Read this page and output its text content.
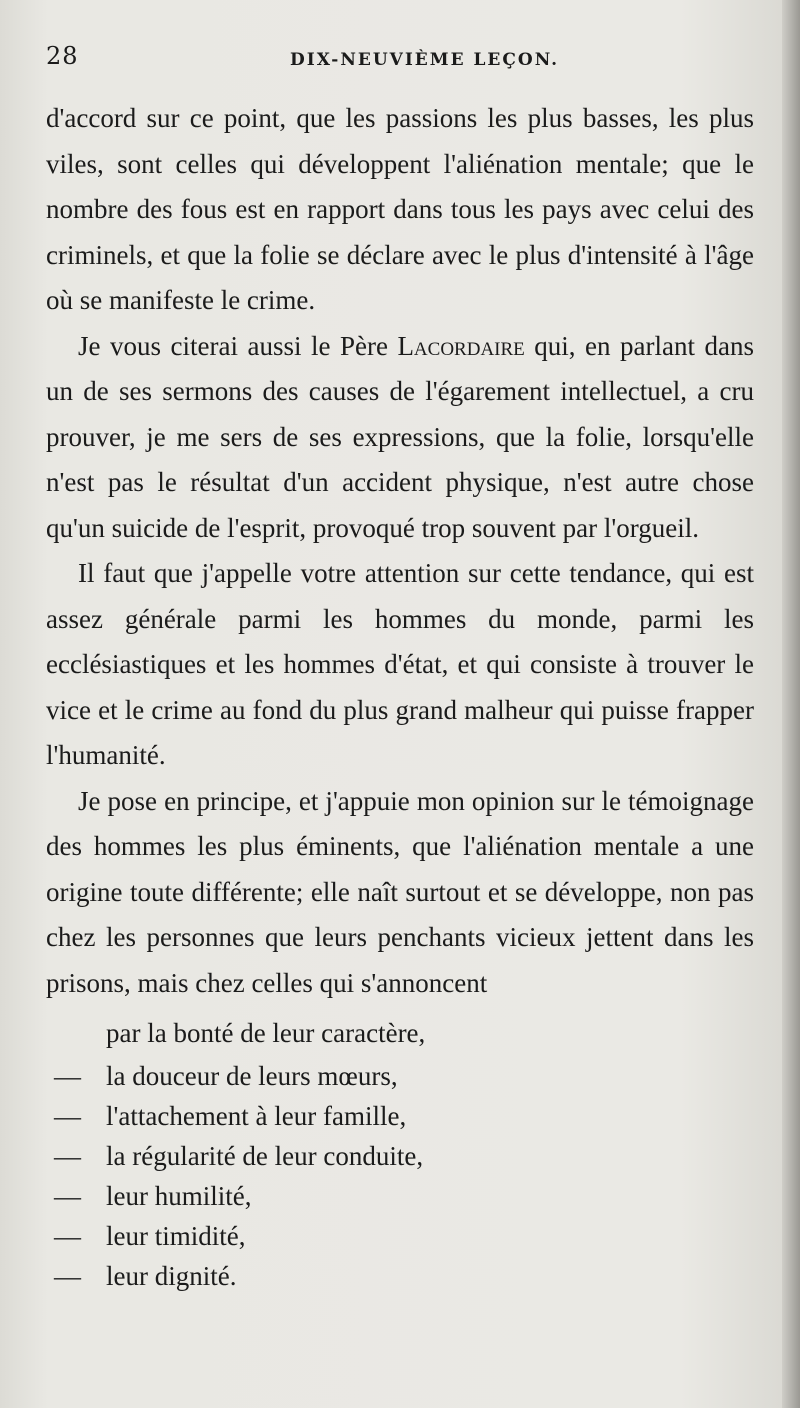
28	DIX-NEUVIÈME LEÇON.

d'accord sur ce point, que les passions les plus basses, les plus viles, sont celles qui développent l'aliénation mentale; que le nombre des fous est en rapport dans tous les pays avec celui des criminels, et que la folie se déclare avec le plus d'intensité à l'âge où se manifeste le crime.

Je vous citerai aussi le Père Lacordaire qui, en parlant dans un de ses sermons des causes de l'égarement intellectuel, a cru prouver, je me sers de ses expressions, que la folie, lorsqu'elle n'est pas le résultat d'un accident physique, n'est autre chose qu'un suicide de l'esprit, provoqué trop souvent par l'orgueil.

Il faut que j'appelle votre attention sur cette tendance, qui est assez générale parmi les hommes du monde, parmi les ecclésiastiques et les hommes d'état, et qui consiste à trouver le vice et le crime au fond du plus grand malheur qui puisse frapper l'humanité.

Je pose en principe, et j'appuie mon opinion sur le témoignage des hommes les plus éminents, que l'aliénation mentale a une origine toute différente; elle naît surtout et se développe, non pas chez les personnes que leurs penchants vicieux jettent dans les prisons, mais chez celles qui s'annoncent

par la bonté de leur caractère,
— la douceur de leurs mœurs,
— l'attachement à leur famille,
— la régularité de leur conduite,
— leur humilité,
— leur timidité,
— leur dignité.
